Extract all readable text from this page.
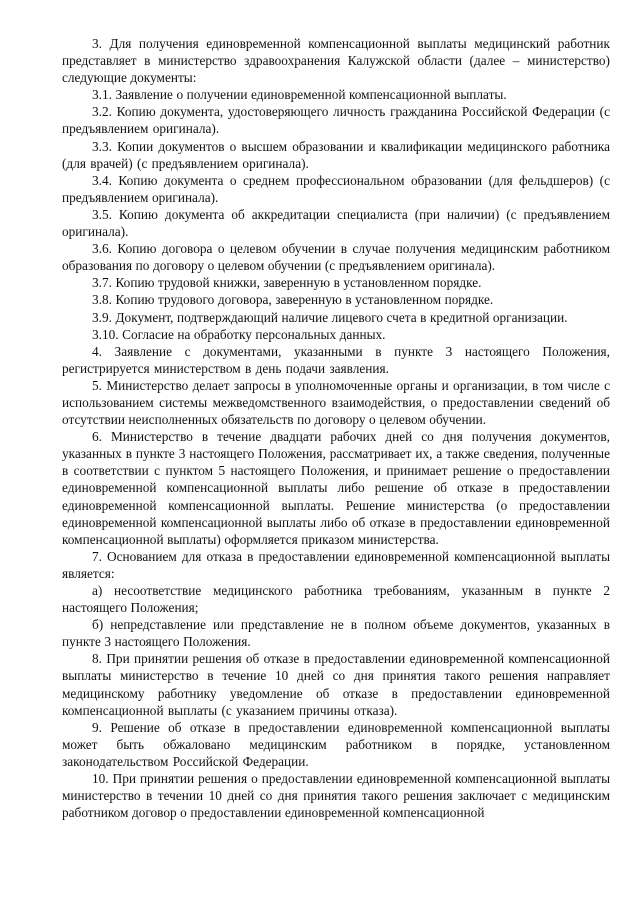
3. Для получения единовременной компенсационной выплаты медицинский работник представляет в министерство здравоохранения Калужской области (далее – министерство) следующие документы:

3.1. Заявление о получении единовременной компенсационной выплаты.

3.2. Копию документа, удостоверяющего личность гражданина Российской Федерации (с предъявлением оригинала).

3.3. Копии документов о высшем образовании и квалификации медицинского работника (для врачей) (с предъявлением оригинала).

3.4. Копию документа о среднем профессиональном образовании (для фельдшеров) (с предъявлением оригинала).

3.5. Копию документа об аккредитации специалиста (при наличии) (с предъявлением оригинала).

3.6. Копию договора о целевом обучении в случае получения медицинским работником образования по договору о целевом обучении (с предъявлением оригинала).

3.7. Копию трудовой книжки, заверенную в установленном порядке.

3.8. Копию трудового договора, заверенную в установленном порядке.

3.9. Документ, подтверждающий наличие лицевого счета в кредитной организации.

3.10. Согласие на обработку персональных данных.

4. Заявление с документами, указанными в пункте 3 настоящего Положения, регистрируется министерством в день подачи заявления.

5. Министерство делает запросы в уполномоченные органы и организации, в том числе с использованием системы межведомственного взаимодействия, о предоставлении сведений об отсутствии неисполненных обязательств по договору о целевом обучении.

6. Министерство в течение двадцати рабочих дней со дня получения документов, указанных в пункте 3 настоящего Положения, рассматривает их, а также сведения, полученные в соответствии с пунктом 5 настоящего Положения, и принимает решение о предоставлении единовременной компенсационной выплаты либо решение об отказе в предоставлении единовременной компенсационной выплаты. Решение министерства (о предоставлении единовременной компенсационной выплаты либо об отказе в предоставлении единовременной компенсационной выплаты) оформляется приказом министерства.

7. Основанием для отказа в предоставлении единовременной компенсационной выплаты является:

а) несоответствие медицинского работника требованиям, указанным в пункте 2 настоящего Положения;

б) непредставление или представление не в полном объеме документов, указанных в пункте 3 настоящего Положения.

8. При принятии решения об отказе в предоставлении единовременной компенсационной выплаты министерство в течение 10 дней со дня принятия такого решения направляет медицинскому работнику уведомление об отказе в предоставлении единовременной компенсационной выплаты (с указанием причины отказа).

9. Решение об отказе в предоставлении единовременной компенсационной выплаты может быть обжаловано медицинским работником в порядке, установленном законодательством Российской Федерации.

10. При принятии решения о предоставлении единовременной компенсационной выплаты министерство в течении 10 дней со дня принятия такого решения заключает с медицинским работником договор о предоставлении единовременной компенсационной
